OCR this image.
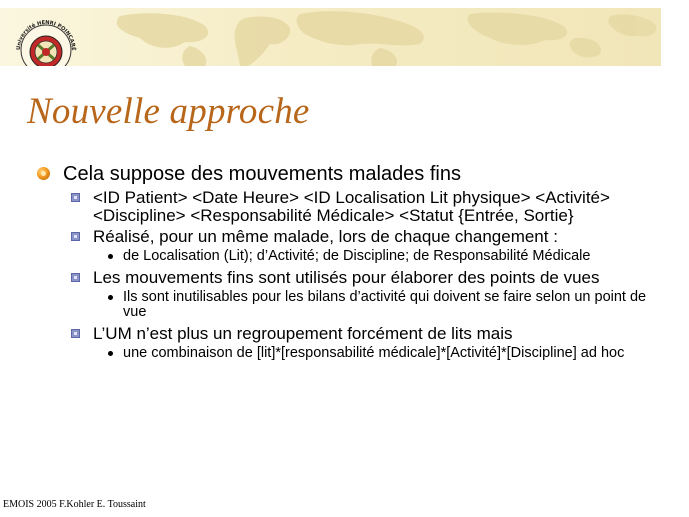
Université HENRI POINCARÉ
NANCY
Nouvelle approche
Cela suppose des mouvements malades fins
<ID Patient> <Date Heure> <ID Localisation Lit physique> <Activité> <Discipline> <Responsabilité Médicale> <Statut {Entrée, Sortie}
Réalisé, pour un même malade, lors de chaque changement :
de Localisation (Lit); d’Activité; de Discipline; de Responsabilité Médicale
Les mouvements fins sont utilisés pour élaborer des points de vues
Ils sont inutilisables pour les bilans d’activité qui doivent se faire selon un point de vue
L’UM n’est plus un regroupement forcément de lits mais
une combinaison de [lit]*[responsabilité médicale]*[Activité]*[Discipline] ad hoc
EMOIS 2005 F.Kohler E. Toussaint
